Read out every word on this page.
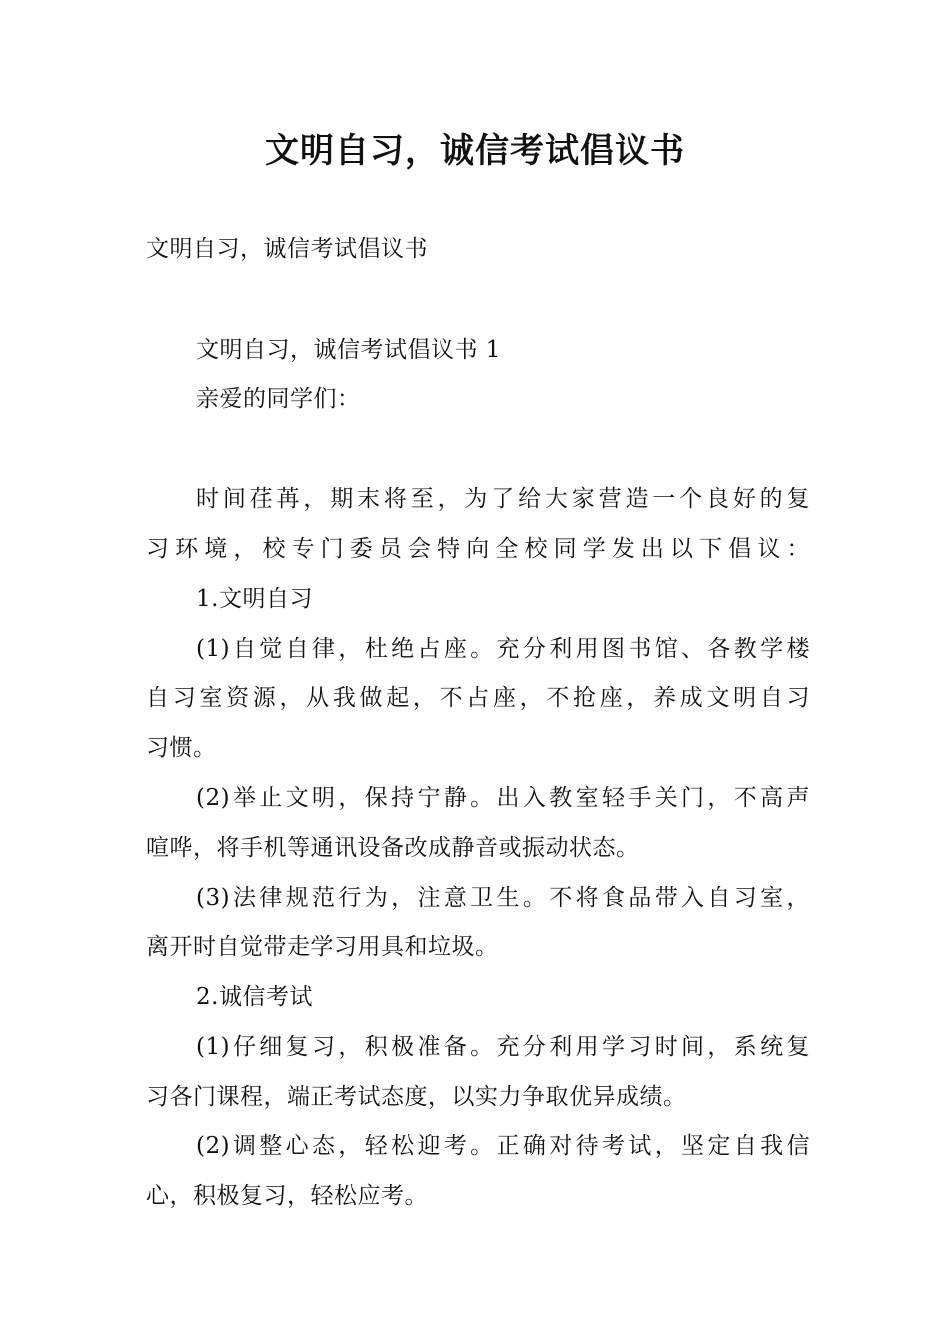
文明自习，诚信考试倡议书
文明自习，诚信考试倡议书
文明自习，诚信考试倡议书 1
亲爱的同学们：
时间荏苒，期末将至，为了给大家营造一个良好的复
习环境，校专门委员会特向全校同学发出以下倡议：
1.文明自习
(1)自觉自律，杜绝占座。充分利用图书馆、各教学楼
自习室资源，从我做起，不占座，不抢座，养成文明自习
习惯。
(2)举止文明，保持宁静。出入教室轻手关门，不高声
喧哗，将手机等通讯设备改成静音或振动状态。
(3)法律规范行为，注意卫生。不将食品带入自习室，
离开时自觉带走学习用具和垃圾。
2.诚信考试
(1)仔细复习，积极准备。充分利用学习时间，系统复
习各门课程，端正考试态度，以实力争取优异成绩。
(2)调整心态，轻松迎考。正确对待考试，坚定自我信
心，积极复习，轻松应考。
